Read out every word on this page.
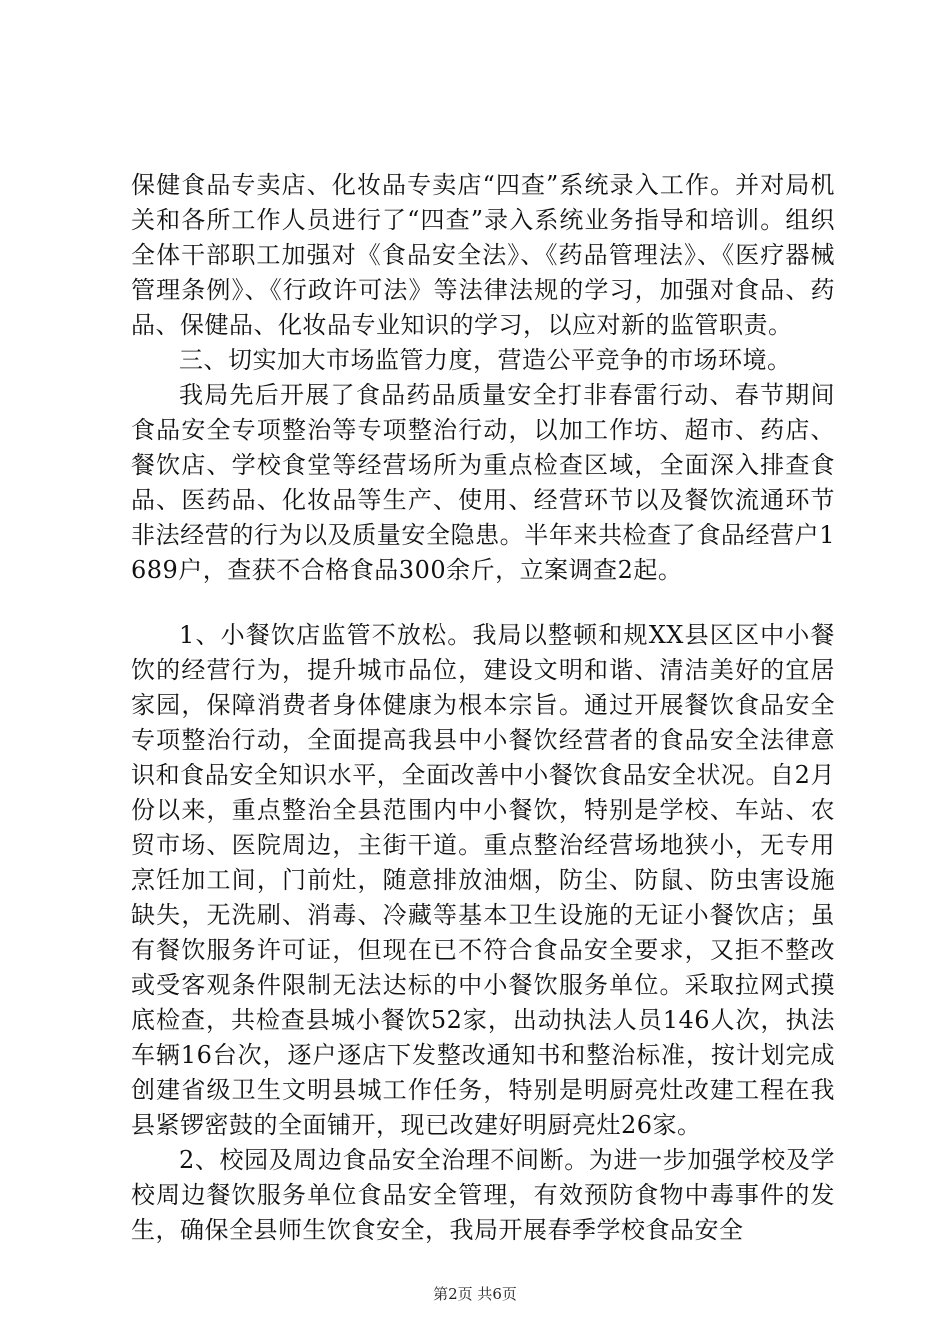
保健食品专卖店、化妆品专卖店“四查”系统录入工作。并对局机关和各所工作人员进行了“四查”录入系统业务指导和培训。组织全体干部职工加强对《食品安全法》、《药品管理法》、《医疗器械管理条例》、《行政许可法》等法律法规的学习，加强对食品、药品、保健品、化妆品专业知识的学习，以应对新的监管职责。

三、切实加大市场监管力度，营造公平竞争的市场环境。

我局先后开展了食品药品质量安全打非春雷行动、春节期间食品安全专项整治等专项整治行动，以加工作坊、超市、药店、餐饮店、学校食堂等经营场所为重点检查区域，全面深入排查食品、医药品、化妆品等生产、使用、经营环节以及餐饮流通环节非法经营的行为以及质量安全隐患。半年来共检查了食品经营户1689户，查获不合格食品300余斤，立案调查2起。

1、小餐饮店监管不放松。我局以整顿和规XX县区区中小餐饮的经营行为，提升城市品位，建设文明和谐、清洁美好的宜居家园，保障消费者身体健康为根本宗旨。通过开展餐饮食品安全专项整治行动，全面提高我县中小餐饮经营者的食品安全法律意识和食品安全知识水平，全面改善中小餐饮食品安全状况。自2月份以来，重点整治全县范围内中小餐饮，特别是学校、车站、农贸市场、医院周边，主街干道。重点整治经营场地狭小，无专用烹饪加工间，门前灶，随意排放油烟，防尘、防鼠、防虫害设施缺失，无洗刷、消毒、冷藏等基本卫生设施的无证小餐饮店；虽有餐饮服务许可证，但现在已不符合食品安全要求，又拒不整改或受客观条件限制无法达标的中小餐饮服务单位。采取拉网式摸底检查，共检查县城小餐饮52家，出动执法人员146人次，执法车辆16台次，逐户逐店下发整改通知书和整治标准，按计划完成创建省级卫生文明县城工作任务，特别是明厨亮灶改建工程在我县紧锣密鼓的全面铺开，现已改建好明厨亮灶26家。

2、校园及周边食品安全治理不间断。为进一步加强学校及学校周边餐饮服务单位食品安全管理，有效预防食物中毒事件的发生，确保全县师生饮食安全，我局开展春季学校食品安全

第2页 共6页
